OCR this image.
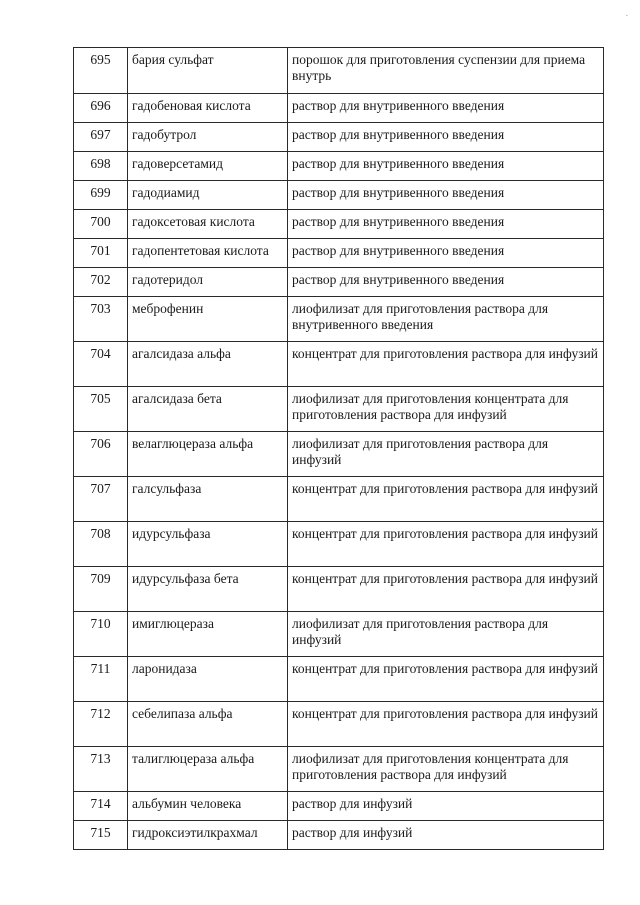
.
695	бария сульфат	порошок для приготовления суспензии для приема внутрь
696	гадобеновая кислота	раствор для внутривенного введения
697	гадобутрол	раствор для внутривенного введения
698	гадоверсетамид	раствор для внутривенного введения
699	гадодиамид	раствор для внутривенного введения
700	гадоксетовая кислота	раствор для внутривенного введения
701	гадопентетовая кислота	раствор для внутривенного введения
702	гадотеридол	раствор для внутривенного введения
703	меброфенин	лиофилизат для приготовления раствора для внутривенного введения
704	агалсидаза альфа	концентрат для приготовления раствора для инфузий
705	агалсидаза бета	лиофилизат для приготовления концентрата для приготовления раствора для инфузий
706	велаглюцераза альфа	лиофилизат для приготовления раствора для инфузий
707	галсульфаза	концентрат для приготовления раствора для инфузий
708	идурсульфаза	концентрат для приготовления раствора для инфузий
709	идурсульфаза бета	концентрат для приготовления раствора для инфузий
710	имиглюцераза	лиофилизат для приготовления раствора для инфузий
711	ларонидаза	концентрат для приготовления раствора для инфузий
712	себелипаза альфа	концентрат для приготовления раствора для инфузий
713	талиглюцераза альфа	лиофилизат для приготовления концентрата для приготовления раствора для инфузий
714	альбумин человека	раствор для инфузий
715	гидроксиэтилкрахмал	раствор для инфузий
